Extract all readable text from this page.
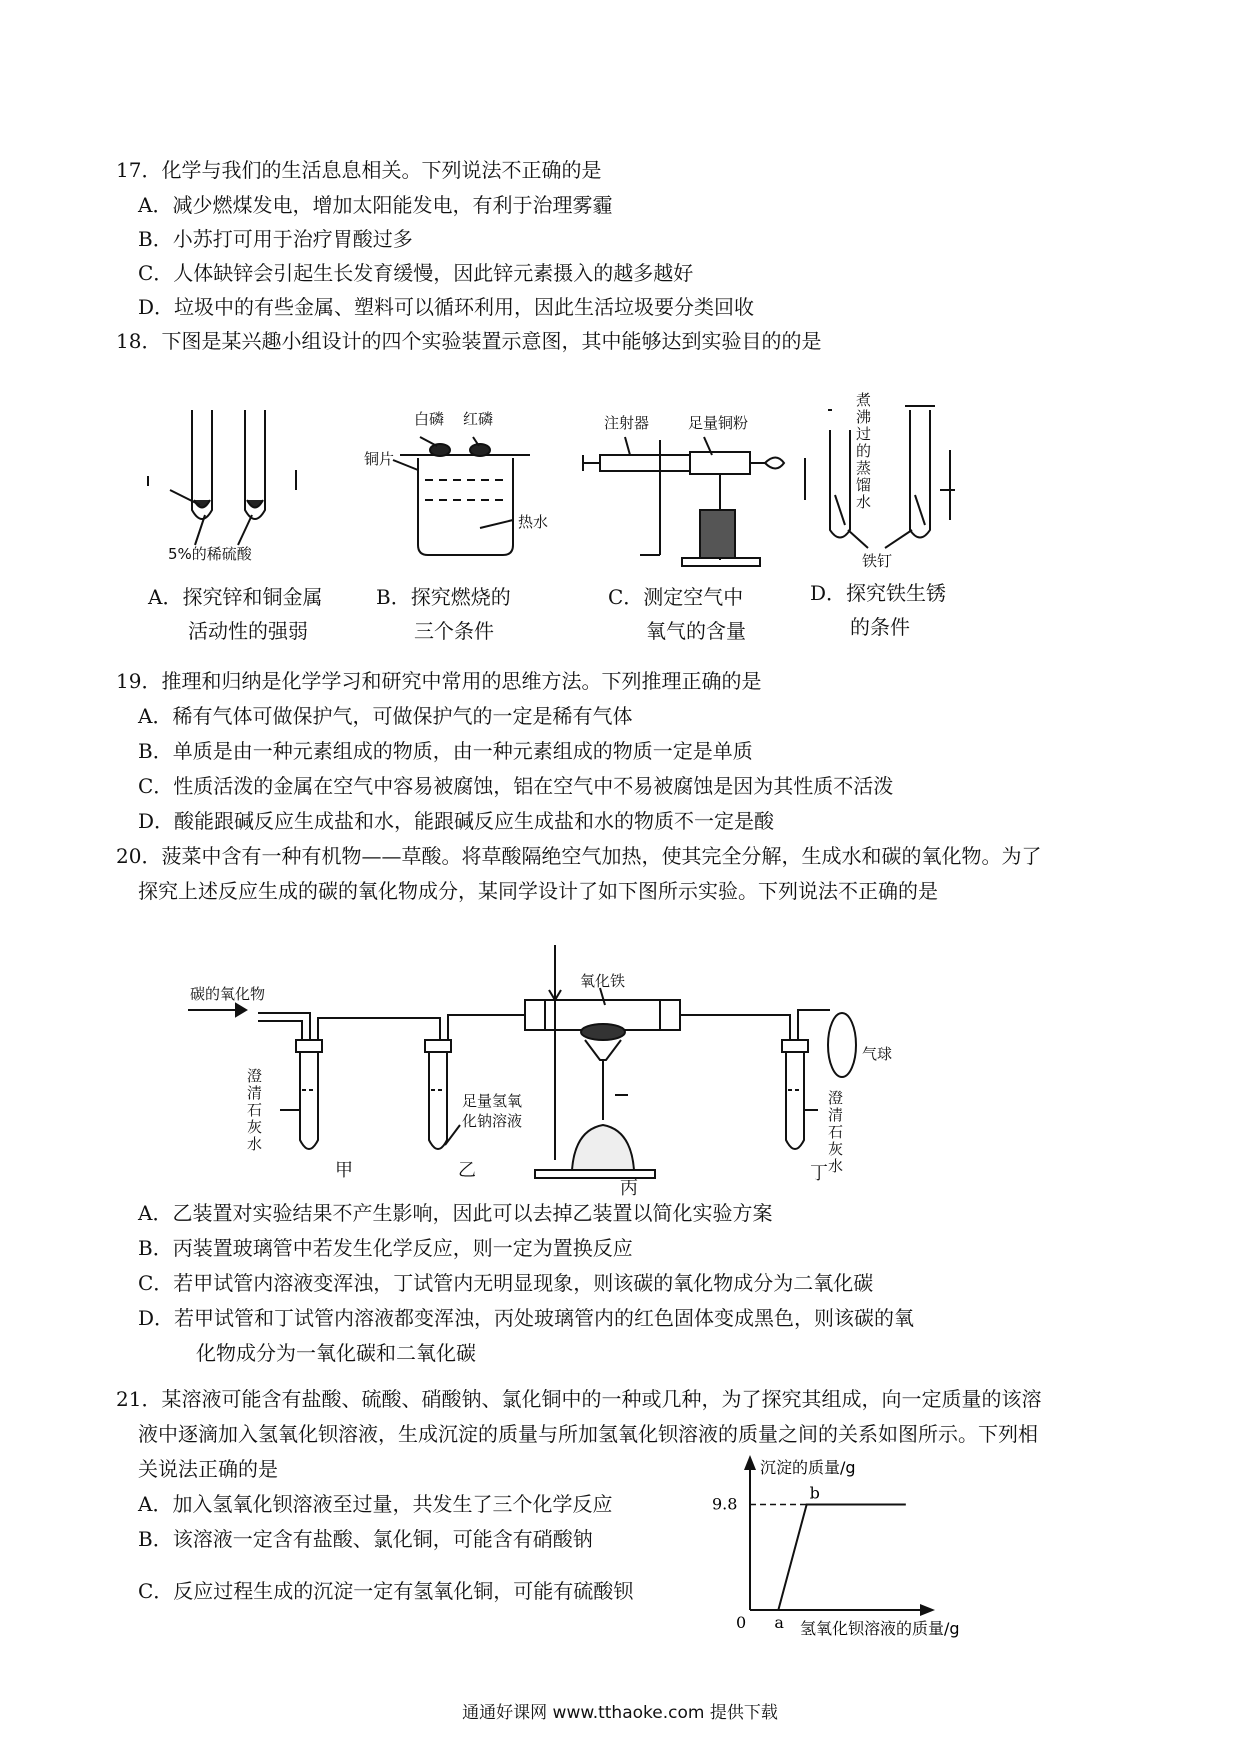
17．化学与我们的生活息息相关。下列说法不正确的是
A．减少燃煤发电，增加太阳能发电，有利于治理雾霾
B．小苏打可用于治疗胃酸过多
C．人体缺锌会引起生长发育缓慢，因此锌元素摄入的越多越好
D．垃圾中的有些金属、塑料可以循环利用，因此生活垃圾要分类回收
18．下图是某兴趣小组设计的四个实验装置示意图，其中能够达到实验目的的是
5%的稀硫酸
白磷 红磷
铜片
热水
注射器	足量铜粉
煮沸过的蒸馏水
铁钉
A．探究锌和铜金属
活动性的强弱
B．探究燃烧的
三个条件
C．测定空气中
氧气的含量
D．探究铁生锈
的条件
19．推理和归纳是化学学习和研究中常用的思维方法。下列推理正确的是
A．稀有气体可做保护气，可做保护气的一定是稀有气体
B．单质是由一种元素组成的物质，由一种元素组成的物质一定是单质
C．性质活泼的金属在空气中容易被腐蚀，铝在空气中不易被腐蚀是因为其性质不活泼
D．酸能跟碱反应生成盐和水，能跟碱反应生成盐和水的物质不一定是酸
20．菠菜中含有一种有机物——草酸。将草酸隔绝空气加热，使其完全分解，生成水和碳的氧化物。为了
探究上述反应生成的碳的氧化物成分，某同学设计了如下图所示实验。下列说法不正确的是
碳的氧化物
氧化铁
气球
澄清石灰水
足量氢氧
化钠溶液
澄清石灰水
甲	乙
丙
丁
A．乙装置对实验结果不产生影响，因此可以去掉乙装置以简化实验方案
B．丙装置玻璃管中若发生化学反应，则一定为置换反应
C．若甲试管内溶液变浑浊，丁试管内无明显现象，则该碳的氧化物成分为二氧化碳
D．若甲试管和丁试管内溶液都变浑浊，丙处玻璃管内的红色固体变成黑色，则该碳的氧
化物成分为一氧化碳和二氧化碳
21．某溶液可能含有盐酸、硫酸、硝酸钠、氯化铜中的一种或几种，为了探究其组成，向一定质量的该溶
液中逐滴加入氢氧化钡溶液，生成沉淀的质量与所加氢氧化钡溶液的质量之间的关系如图所示。下列相
关说法正确的是
A．加入氢氧化钡溶液至过量，共发生了三个化学反应
B．该溶液一定含有盐酸、氯化铜，可能含有硝酸钠
C．反应过程生成的沉淀一定有氢氧化铜，可能有硫酸钡
沉淀的质量/g
氢氧化钡溶液的质量/g
0
9.8
a
b
通通好课网 www.tthaoke.com 提供下载
